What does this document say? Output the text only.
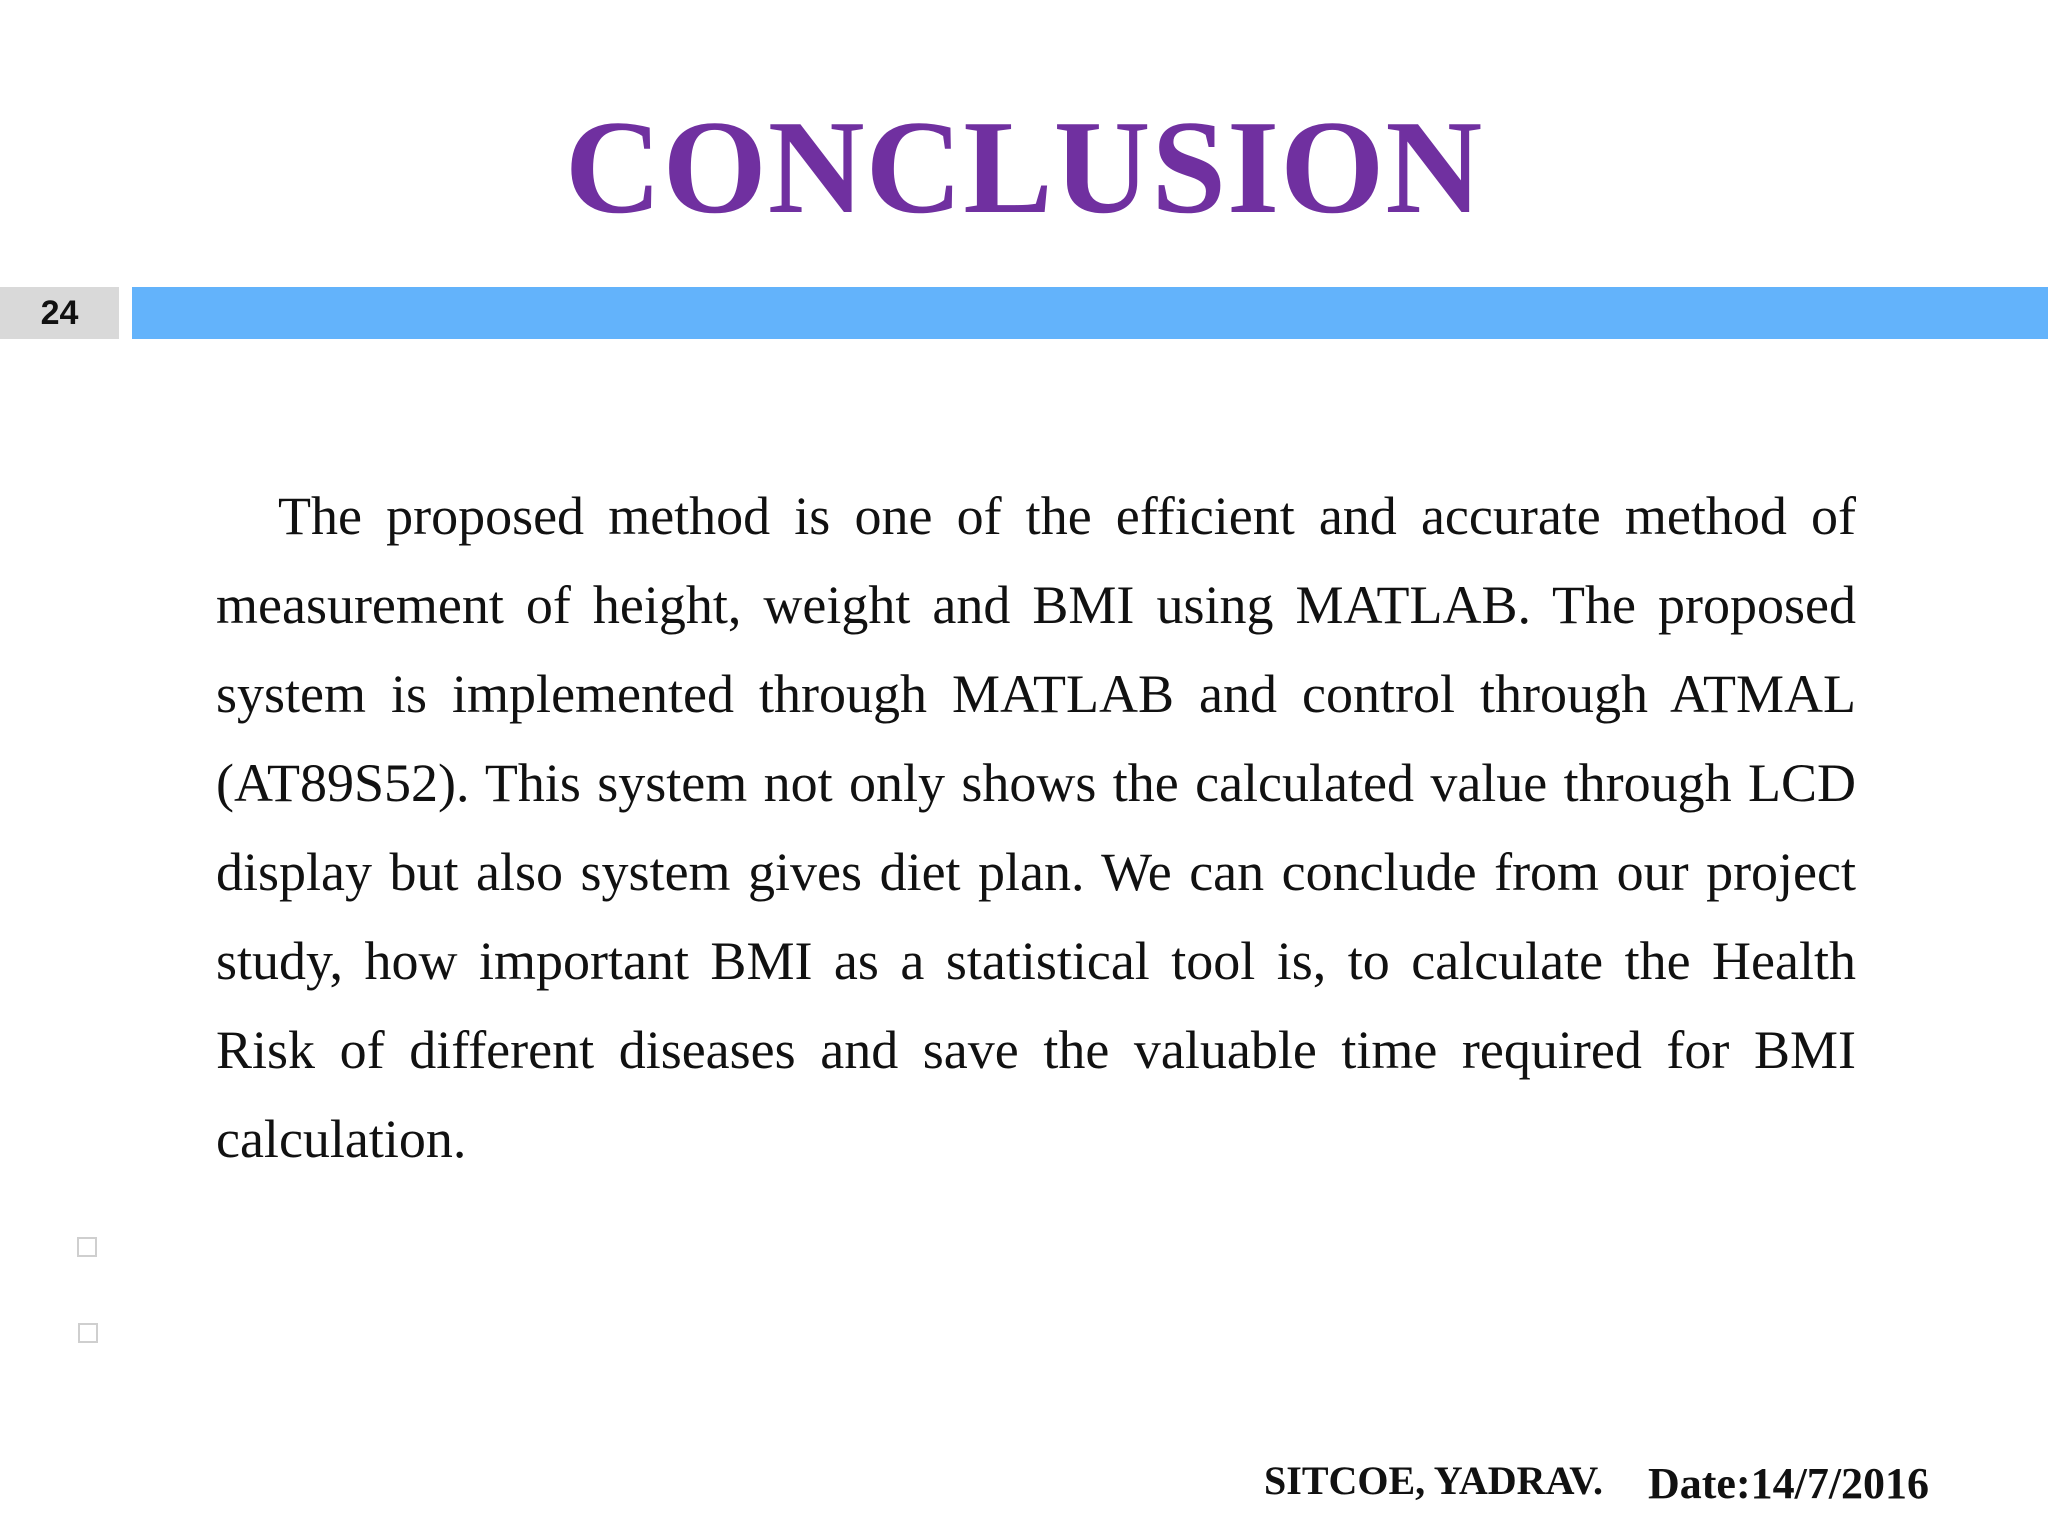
CONCLUSION
24

The proposed method is one of the efficient and accurate method of measurement of height, weight and BMI using MATLAB. The proposed system is implemented through MATLAB and control through ATMAL (AT89S52). This system not only shows the calculated value through LCD display but also system gives diet plan. We can conclude from our project study, how important BMI as a statistical tool is, to calculate the Health Risk of different diseases and save the valuable time required for BMI calculation.

SITCOE, YADRAV. Date:14/7/2016
